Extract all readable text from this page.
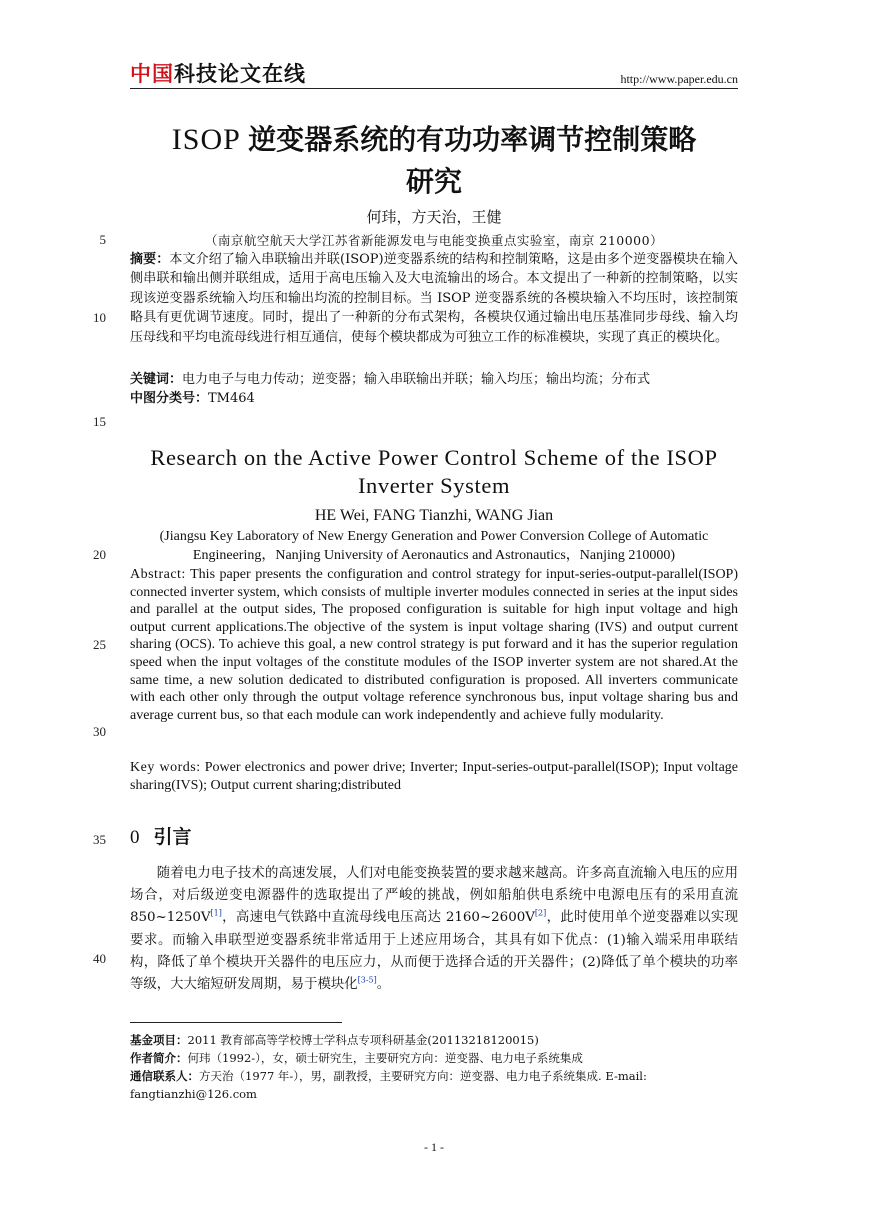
中国科技论文在线	http://www.paper.edu.cn
ISOP 逆变器系统的有功功率调节控制策略
研究
何玮，方天治，王健
（南京航空航天大学江苏省新能源发电与电能变换重点实验室，南京 210000）
5
10
15
20
25
30
35
40
摘要：本文介绍了输入串联输出并联(ISOP)逆变器系统的结构和控制策略，这是由多个逆变器模块在输入侧串联和输出侧并联组成，适用于高电压输入及大电流输出的场合。本文提出了一种新的控制策略，以实现该逆变器系统输入均压和输出均流的控制目标。当 ISOP 逆变器系统的各模块输入不均压时，该控制策略具有更优调节速度。同时，提出了一种新的分布式架构，各模块仅通过输出电压基准同步母线、输入均压母线和平均电流母线进行相互通信，使每个模块都成为可独立工作的标准模块，实现了真正的模块化。
关键词：电力电子与电力传动；逆变器；输入串联输出并联；输入均压；输出均流；分布式
中图分类号：TM464
Research on the Active Power Control Scheme of the ISOP
Inverter System
HE Wei, FANG Tianzhi, WANG Jian
(Jiangsu Key Laboratory of New Energy Generation and Power Conversion College of Automatic
Engineering，Nanjing University of Aeronautics and Astronautics，Nanjing 210000)
Abstract: This paper presents the configuration and control strategy for input-series-output-parallel(ISOP) connected inverter system, which consists of multiple inverter modules connected in series at the input sides and parallel at the output sides, The proposed configuration is suitable for high input voltage and high output current applications.The objective of the system is input voltage sharing (IVS) and output current sharing (OCS). To achieve this goal, a new control strategy is put forward and it has the superior regulation speed when the input voltages of the constitute modules of the ISOP inverter system are not shared.At the same time, a new solution dedicated to distributed configuration is proposed. All inverters communicate with each other only through the output voltage reference synchronous bus, input voltage sharing bus and average current bus, so that each module can work independently and achieve fully modularity.
Key words: Power electronics and power drive; Inverter; Input-series-output-parallel(ISOP); Input voltage sharing(IVS); Output current sharing;distributed
0 引言
随着电力电子技术的高速发展，人们对电能变换装置的要求越来越高。许多高直流输入电压的应用场合，对后级逆变电源器件的选取提出了严峻的挑战，例如船舶供电系统中电源电压有的采用直流 850~1250V[1]，高速电气铁路中直流母线电压高达 2160~2600V[2]，此时使用单个逆变器难以实现要求。而输入串联型逆变器系统非常适用于上述应用场合，其具有如下优点：(1)输入端采用串联结构，降低了单个模块开关器件的电压应力，从而便于选择合适的开关器件；(2)降低了单个模块的功率等级，大大缩短研发周期，易于模块化[3-5]。
基金项目：2011 教育部高等学校博士学科点专项科研基金(20113218120015)
作者简介：何玮（1992-），女，硕士研究生，主要研究方向：逆变器、电力电子系统集成
通信联系人：方天治（1977 年-），男，副教授，主要研究方向：逆变器、电力电子系统集成. E-mail: fangtianzhi@126.com
- 1 -
